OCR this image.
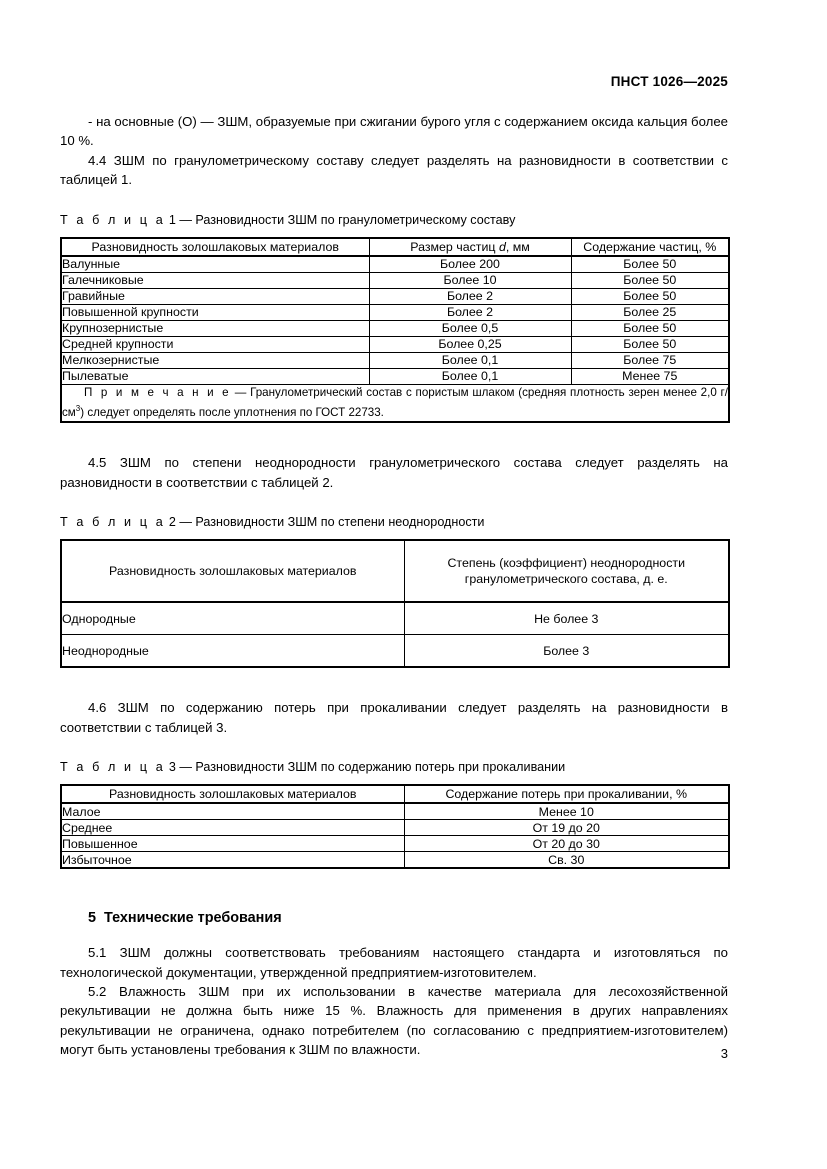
ПНСТ 1026—2025

- на основные (О) — ЗШМ, образуемые при сжигании бурого угля с содержанием оксида кальция более 10 %.

4.4 ЗШМ по гранулометрическому составу следует разделять на разновидности в соответствии с таблицей 1.

Т а б л и ц а 1 — Разновидности ЗШМ по гранулометрическому составу
Разновидность золошлаковых материалов	Размер частиц d, мм	Содержание частиц, %
Валунные	Более 200	Более 50
Галечниковые	Более 10	Более 50
Гравийные	Более 2	Более 50
Повышенной крупности	Более 2	Более 25
Крупнозернистые	Более 0,5	Более 50
Средней крупности	Более 0,25	Более 50
Мелкозернистые	Более 0,1	Более 75
Пылеватые	Более 0,1	Менее 75
П р и м е ч а н и е — Гранулометрический состав с пористым шлаком (средняя плотность зерен менее 2,0 $г/см^3$) следует определять после уплотнения по ГОСТ 22733.		

4.5 ЗШМ по степени неоднородности гранулометрического состава следует разделять на разновидности в соответствии с таблицей 2.

Т а б л и ц а 2 — Разновидности ЗШМ по степени неоднородности
Разновидность золошлаковых материалов	Степень (коэффициент) неоднородности
гранулометрического состава, д. е.
Однородные	Не более 3
Неоднородные	Более 3

4.6 ЗШМ по содержанию потерь при прокаливании следует разделять на разновидности в соответствии с таблицей 3.

Т а б л и ц а 3 — Разновидности ЗШМ по содержанию потерь при прокаливании
Разновидность золошлаковых материалов	Содержание потерь при прокаливании, %
Малое	Менее 10
Среднее	От 19 до 20
Повышенное	От 20 до 30
Избыточное	Св. 30
5 Технические требования

5.1 ЗШМ должны соответствовать требованиям настоящего стандарта и изготовляться по технологической документации, утвержденной предприятием-изготовителем.

5.2 Влажность ЗШМ при их использовании в качестве материала для лесохозяйственной рекультивации не должна быть ниже 15 %. Влажность для применения в других направлениях рекультивации не ограничена, однако потребителем (по согласованию с предприятием-изготовителем) могут быть установлены требования к ЗШМ по влажности.	3
